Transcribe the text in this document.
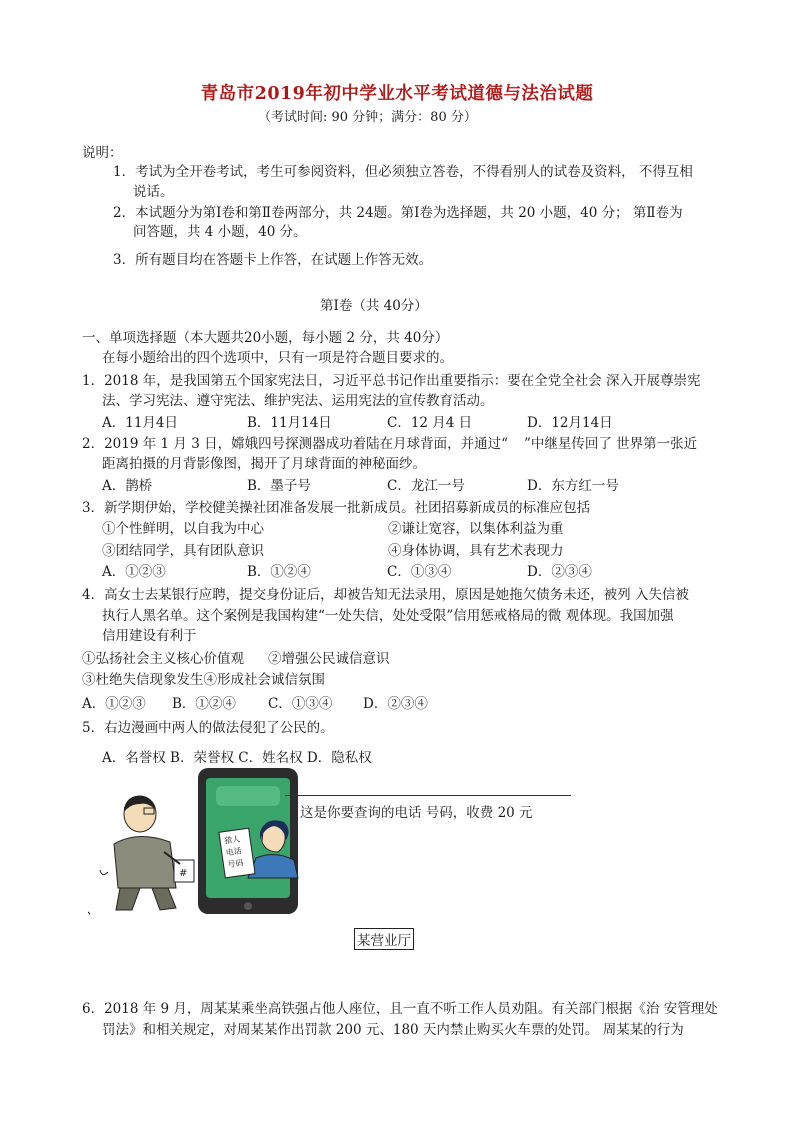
青岛市2019年初中学业水平考试道德与法治试题
（考试时间: 90 分钟；满分：80 分）
说明：
1．考试为全开卷考试，考生可参阅资料，但必须独立答卷，不得看别人的试卷及资料， 不得互相
说话。
2．本试题分为第Ⅰ卷和第Ⅱ卷两部分，共 24题。第Ⅰ卷为选择题，共 20 小题，40 分； 第Ⅱ卷为
问答题，共 4 小题，40 分。
3．所有题目均在答题卡上作答，在试题上作答无效。
第Ⅰ卷（共 40分）
一、单项选择题（本大题共20小题，每小题 2 分，共 40分）
在每小题给出的四个选项中，只有一项是符合题目要求的。
1．2018 年，是我国第五个国家宪法日，习近平总书记作出重要指示：要在全党全社会 深入开展尊崇宪
法、学习宪法、遵守宪法、维护宪法、运用宪法的宣传教育活动。
A．11月4日	B．11月14日	C．12 月4 日	D．12月14日
2．2019 年 1 月 3 日，嫦娥四号探测器成功着陆在月球背面，并通过“ ”中继星传回了 世界第一张近
距离拍摄的月背影像图，揭开了月球背面的神秘面纱。
A．鹊桥	B．墨子号	C．龙江一号	D．东方红一号
3．新学期伊始，学校健美操社团准备发展一批新成员。社团招募新成员的标准应包括
①个性鲜明，以自我为中心	②谦让宽容，以集体利益为重
③团结同学，具有团队意识	④身体协调，具有艺术表现力
A．①②③	B．①②④	C．①③④	D．②③④
4．高女士去某银行应聘，提交身份证后，却被告知无法录用，原因是她拖欠债务未还，被列 入失信被
执行人黑名单。这个案例是我国构建“一处失信，处处受限”信用惩戒格局的微 观体现。我国加强
信用建设有利于
①弘扬社会主义核心价值观 ②增强公民诚信意识
③杜绝失信现象发生④形成社会诚信氛围
A．①②③ B．①②④ C．①③④ D．②③④
5．右边漫画中两人的做法侵犯了公民的。
A．名誉权 B．荣誉权 C．姓名权 D．隐私权
猎人
电话
号码
#
这是你要查询的电话 号码，收费 20 元
某营业厅
6．2018 年 9 月，周某某乘坐高铁强占他人座位，且一直不听工作人员劝阻。有关部门根据《治 安管理处
罚法》和相关规定，对周某某作出罚款 200 元、180 天内禁止购买火车票的处罚。 周某某的行为
